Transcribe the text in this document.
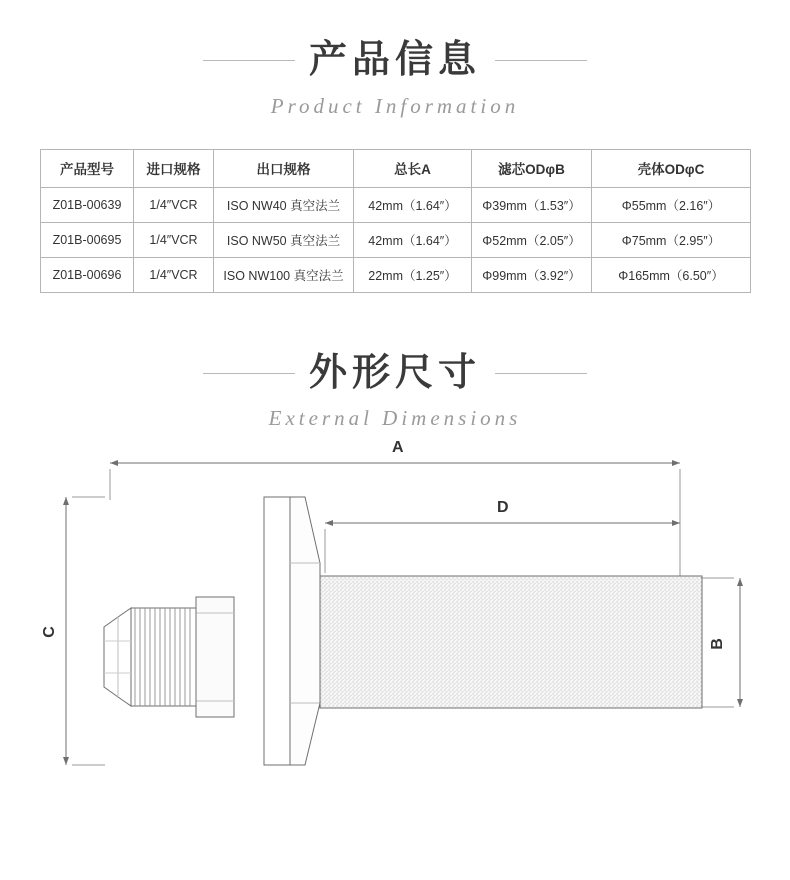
产品信息
Product Information
产品型号	进口规格	出口规格	总长A	滤芯ODφB	壳体ODφC
Z01B-00639	1/4″VCR	ISO NW40 真空法兰	42mm（1.64″）	Φ39mm（1.53″）	Φ55mm（2.16″）
Z01B-00695	1/4″VCR	ISO NW50 真空法兰	42mm（1.64″）	Φ52mm（2.05″）	Φ75mm（2.95″）
Z01B-00696	1/4″VCR	ISO NW100 真空法兰	22mm（1.25″）	Φ99mm（3.92″）	Φ165mm（6.50″）
外形尺寸
External Dimensions
A
D
C
B
